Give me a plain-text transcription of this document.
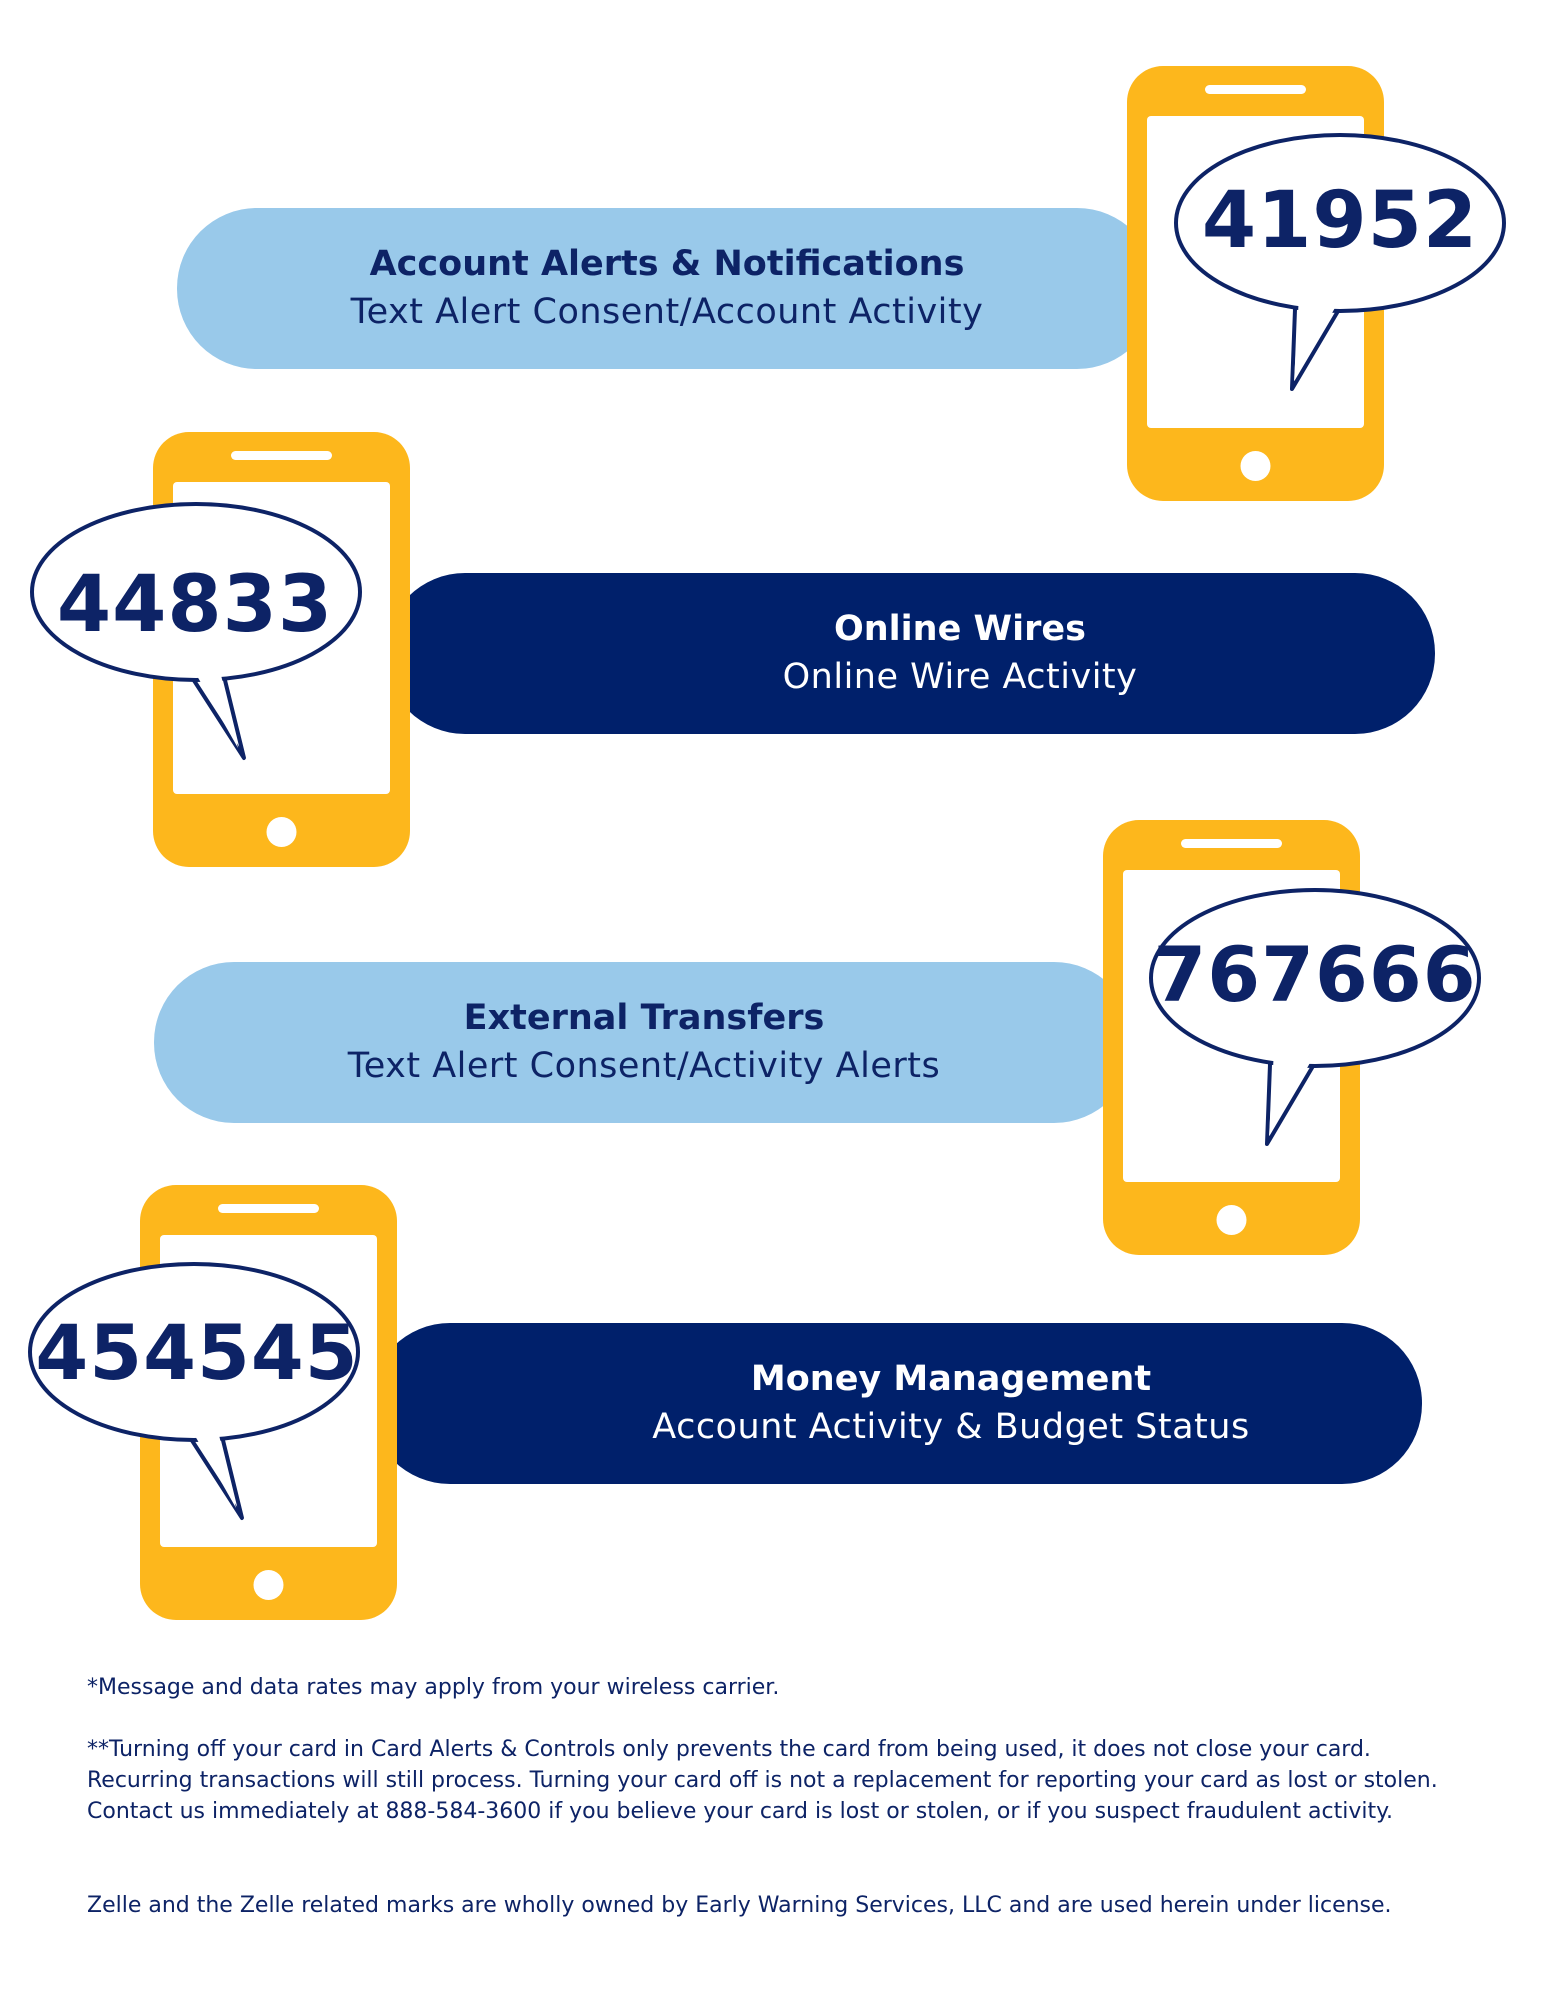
Account Alerts & Notifications
Text Alert Consent/Account Activity
41952
Online Wires
Online Wire Activity
44833
External Transfers
Text Alert Consent/Activity Alerts
767666
Money Management
Account Activity & Budget Status
454545

*Message and data rates may apply from your wireless carrier.

**Turning off your card in Card Alerts & Controls only prevents the card from being used, it does not close your card. Recurring transactions will still process. Turning your card off is not a replacement for reporting your card as lost or stolen. Contact us immediately at 888-584-3600 if you believe your card is lost or stolen, or if you suspect fraudulent activity.

Zelle and the Zelle related marks are wholly owned by Early Warning Services, LLC and are used herein under license.
